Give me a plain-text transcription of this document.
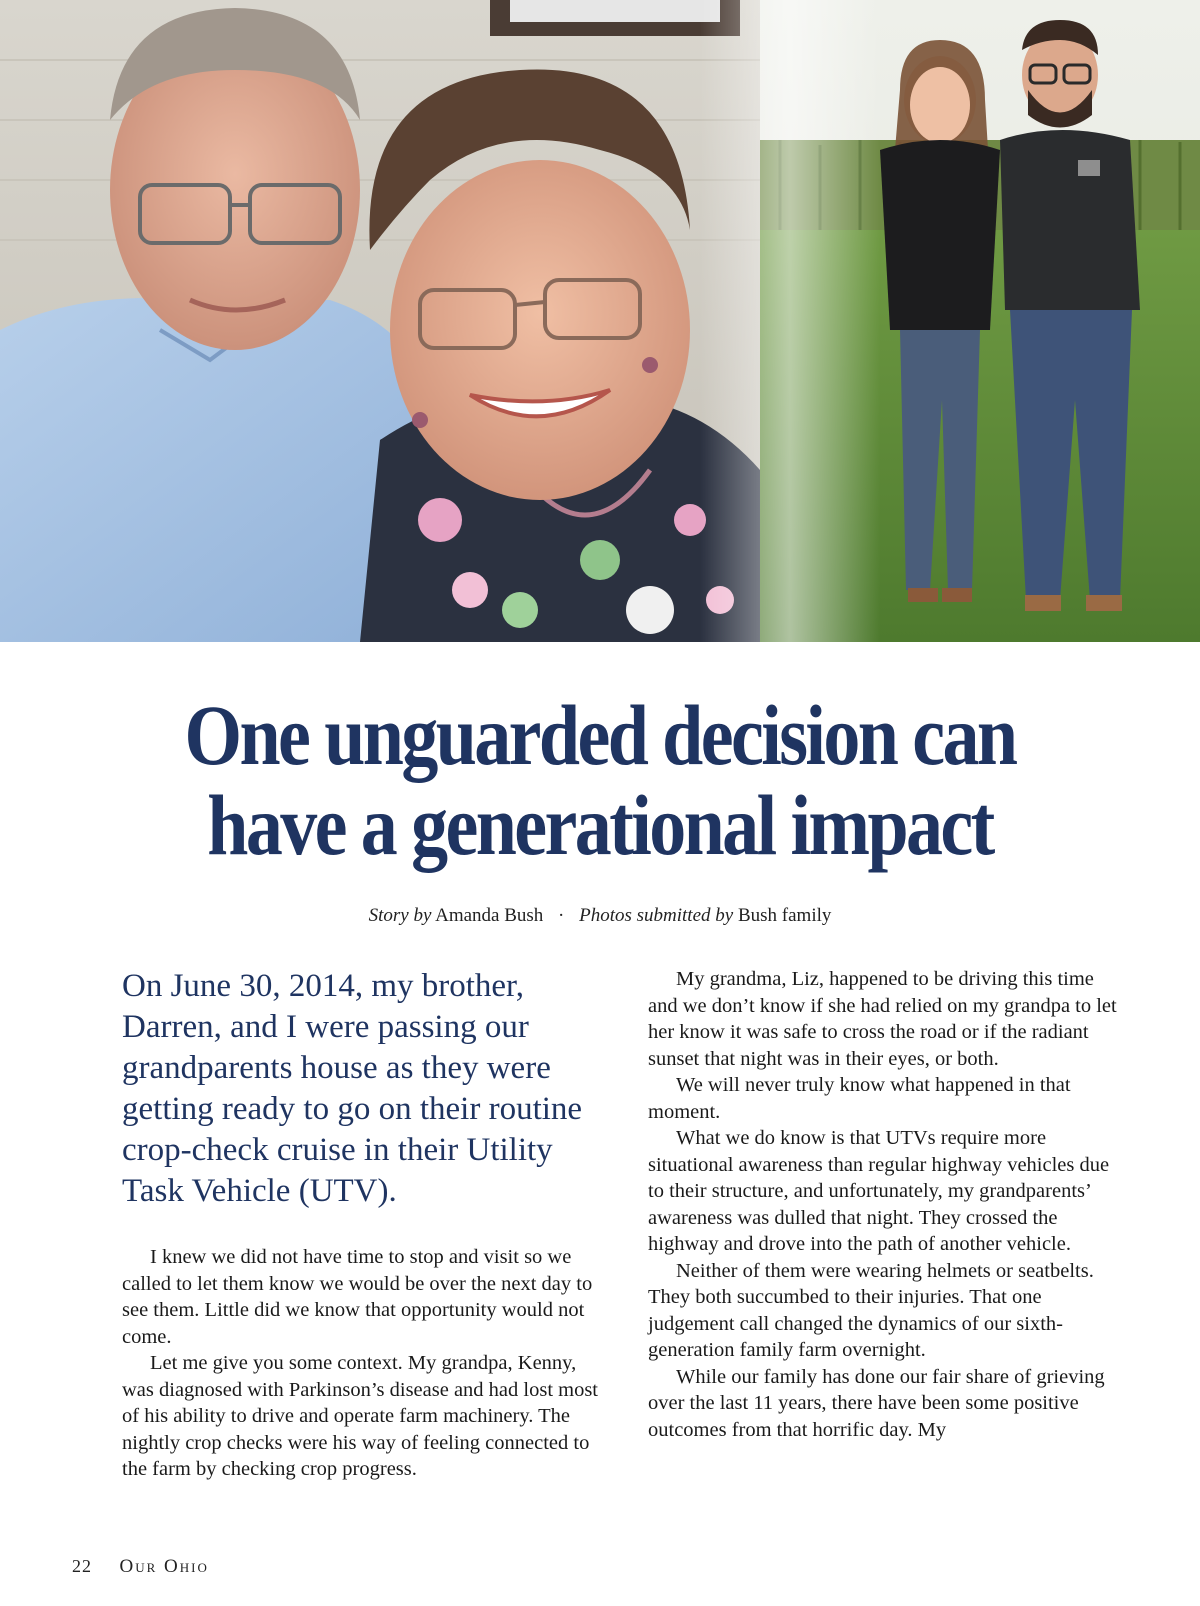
One unguarded decision can
have a generational impact
Story by Amanda Bush · Photos submitted by Bush family

On June 30, 2014, my brother, Darren, and I were passing our grandparents house as they were getting ready to go on their routine crop-check cruise in their Utility Task Vehicle (UTV).

I knew we did not have time to stop and visit so we called to let them know we would be over the next day to see them. Little did we know that opportunity would not come.

Let me give you some context. My grandpa, Kenny, was diagnosed with Parkinson’s disease and had lost most of his ability to drive and operate farm machinery. The nightly crop checks were his way of feeling connected to the farm by checking crop progress.

My grandma, Liz, happened to be driving this time and we don’t know if she had relied on my grandpa to let her know it was safe to cross the road or if the radiant sunset that night was in their eyes, or both.

We will never truly know what happened in that moment.

What we do know is that UTVs require more situational awareness than regular highway vehicles due to their structure, and unfortunately, my grandparents’ awareness was dulled that night. They crossed the highway and drove into the path of another vehicle.

Neither of them were wearing helmets or seatbelts. They both succumbed to their injuries. That one judgement call changed the dynamics of our sixth-generation family farm overnight.

While our family has done our fair share of grieving over the last 11 years, there have been some positive outcomes from that horrific day. My

22 Our Ohio
